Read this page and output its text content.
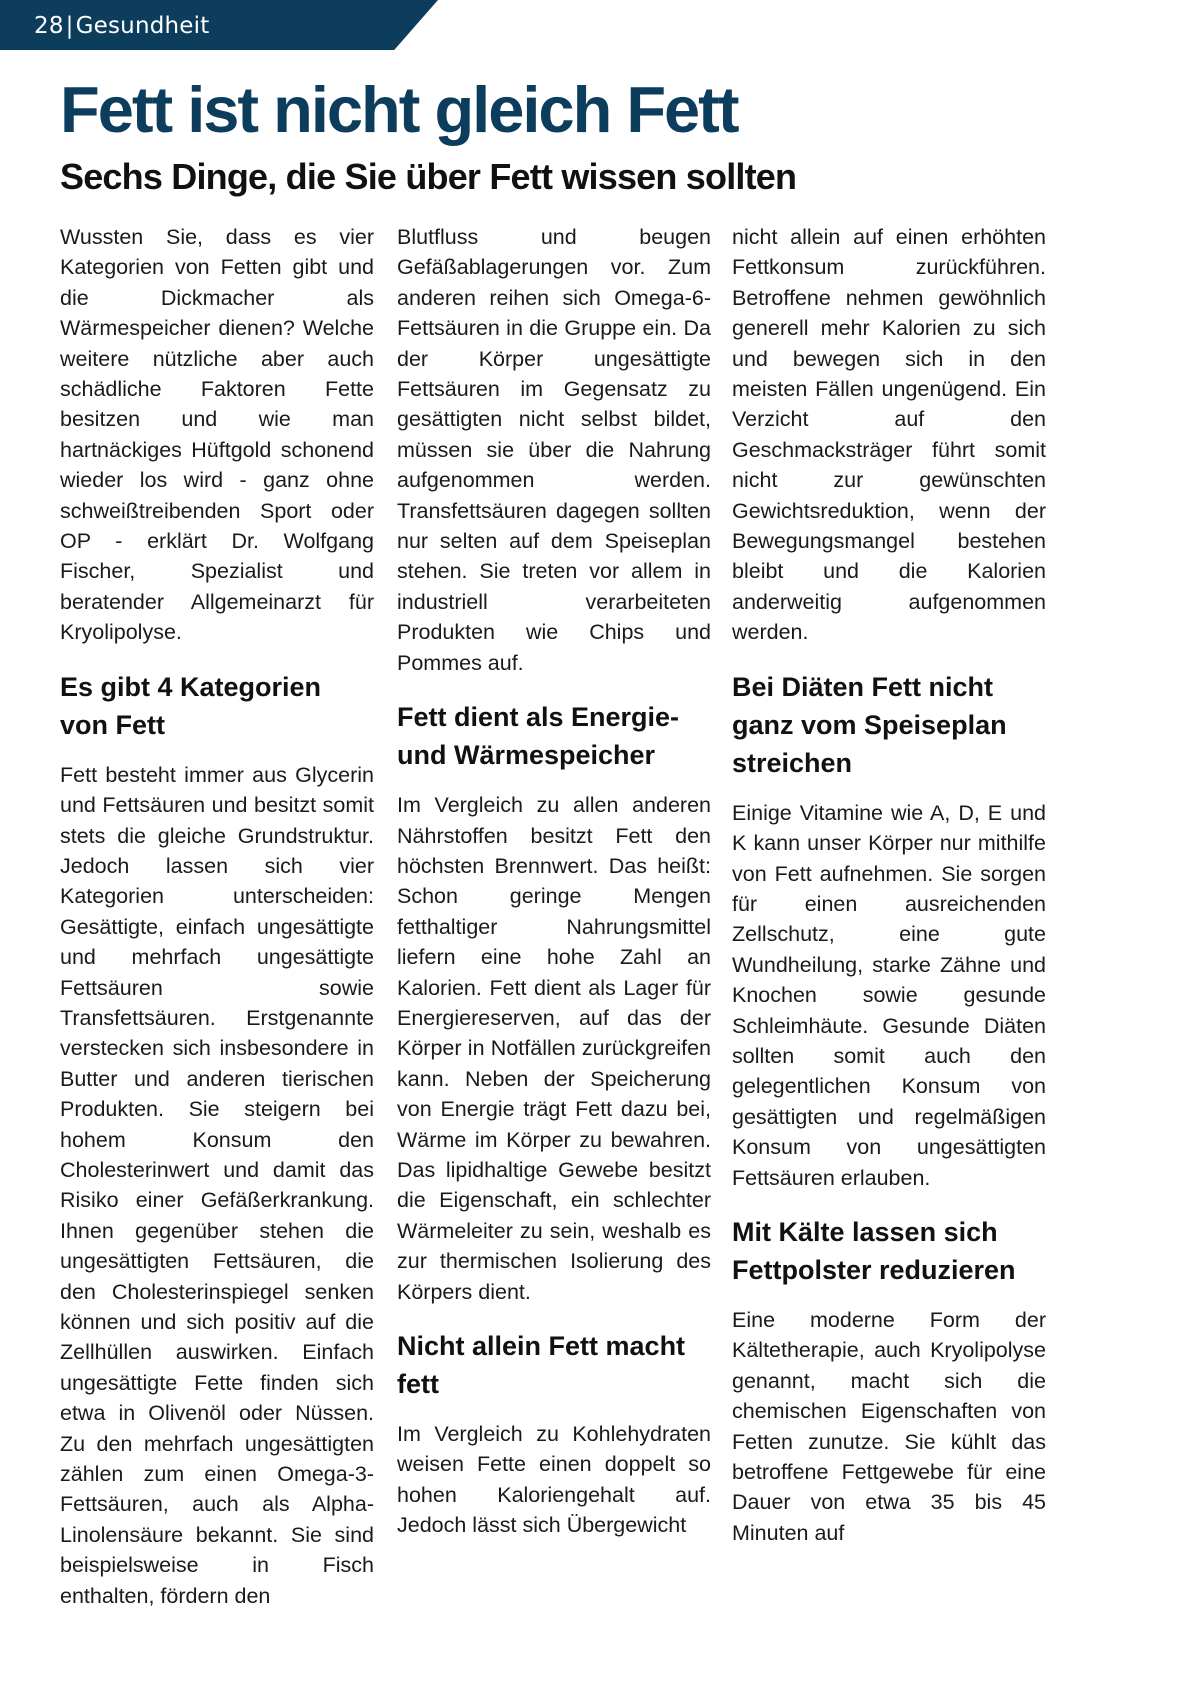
28|Gesundheit
Fett ist nicht gleich Fett
Sechs Dinge, die Sie über Fett wissen sollten

Wussten Sie, dass es vier Kategorien von Fetten gibt und die Dickmacher als Wärmespeicher dienen? Welche weitere nützliche aber auch schädliche Faktoren Fette besitzen und wie man hartnäckiges Hüftgold schonend wieder los wird - ganz ohne schweißtreibenden Sport oder OP - erklärt Dr. Wolfgang Fischer, Spezialist und beratender Allgemeinarzt für Kryolipolyse.

Es gibt 4 Kategorien von Fett

Fett besteht immer aus Glycerin und Fettsäuren und besitzt somit stets die gleiche Grundstruktur. Jedoch lassen sich vier Kategorien unterscheiden: Gesättigte, einfach ungesättigte und mehrfach ungesättigte Fettsäuren sowie Transfettsäuren. Erstgenannte verstecken sich insbesondere in Butter und anderen tierischen Produkten. Sie steigern bei hohem Konsum den Cholesterinwert und damit das Risiko einer Gefäßerkrankung. Ihnen gegenüber stehen die ungesättigten Fettsäuren, die den Cholesterinspiegel senken können und sich positiv auf die Zellhüllen auswirken. Einfach ungesättigte Fette finden sich etwa in Olivenöl oder Nüssen. Zu den mehrfach ungesättigten zählen zum einen Omega-3-Fettsäuren, auch als Alpha-Linolensäure bekannt. Sie sind beispielsweise in Fisch enthalten, fördern den

Blutfluss und beugen Gefäßablagerungen vor. Zum anderen reihen sich Omega-6-Fettsäuren in die Gruppe ein. Da der Körper ungesättigte Fettsäuren im Gegensatz zu gesättigten nicht selbst bildet, müssen sie über die Nahrung aufgenommen werden. Transfettsäuren dagegen sollten nur selten auf dem Speiseplan stehen. Sie treten vor allem in industriell verarbeiteten Produkten wie Chips und Pommes auf.

Fett dient als Energie- und Wärmespeicher

Im Vergleich zu allen anderen Nährstoffen besitzt Fett den höchsten Brennwert. Das heißt: Schon geringe Mengen fetthaltiger Nahrungsmittel liefern eine hohe Zahl an Kalorien. Fett dient als Lager für Energiereserven, auf das der Körper in Notfällen zurückgreifen kann. Neben der Speicherung von Energie trägt Fett dazu bei, Wärme im Körper zu bewahren. Das lipidhaltige Gewebe besitzt die Eigenschaft, ein schlechter Wärmeleiter zu sein, weshalb es zur thermischen Isolierung des Körpers dient.

Nicht allein Fett macht fett

Im Vergleich zu Kohlehydraten weisen Fette einen doppelt so hohen Kaloriengehalt auf. Jedoch lässt sich Übergewicht

nicht allein auf einen erhöhten Fettkonsum zurückführen. Betroffene nehmen gewöhnlich generell mehr Kalorien zu sich und bewegen sich in den meisten Fällen ungenügend. Ein Verzicht auf den Geschmacksträger führt somit nicht zur gewünschten Gewichtsreduktion, wenn der Bewegungsmangel bestehen bleibt und die Kalorien anderweitig aufgenommen werden.

Bei Diäten Fett nicht ganz vom Speiseplan streichen

Einige Vitamine wie A, D, E und K kann unser Körper nur mithilfe von Fett aufnehmen. Sie sorgen für einen ausreichenden Zellschutz, eine gute Wundheilung, starke Zähne und Knochen sowie gesunde Schleimhäute. Gesunde Diäten sollten somit auch den gelegentlichen Konsum von gesättigten und regelmäßigen Konsum von ungesättigten Fettsäuren erlauben.

Mit Kälte lassen sich Fettpolster reduzieren

Eine moderne Form der Kältetherapie, auch Kryolipolyse genannt, macht sich die chemischen Eigenschaften von Fetten zunutze. Sie kühlt das betroffene Fettgewebe für eine Dauer von etwa 35 bis 45 Minuten auf
